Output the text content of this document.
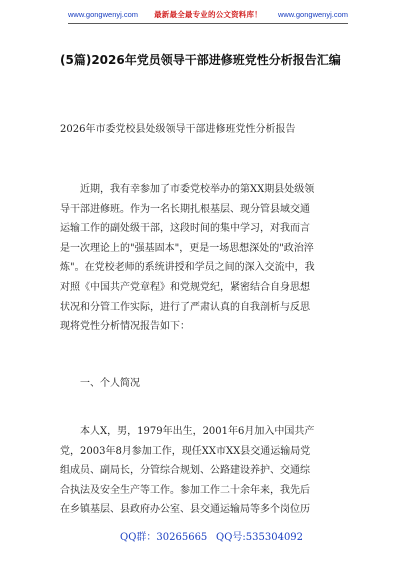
www.gongwenyj.com 最新最全最专业的公文资料库！ www.gongwenyj.com
(5篇)2026年党员领导干部进修班党性分析报告汇编

2026年市委党校县处级领导干部进修班党性分析报告

　　近期，我有幸参加了市委党校举办的第XX期县处级领
导干部进修班。作为一名长期扎根基层、现分管县域交通
运输工作的副处级干部，这段时间的集中学习，对我而言
是一次理论上的"强基固本"，更是一场思想深处的"政治淬
炼"。在党校老师的系统讲授和学员之间的深入交流中，我
对照《中国共产党章程》和党规党纪，紧密结合自身思想
状况和分管工作实际，进行了严肃认真的自我剖析与反思
现将党性分析情况报告如下：

　　一、个人简况

　　本人X，男，1979年出生，2001年6月加入中国共产
党，2003年8月参加工作，现任XX市XX县交通运输局党
组成员、副局长，分管综合规划、公路建设养护、交通综
合执法及安全生产等工作。参加工作二十余年来，我先后
在乡镇基层、县政府办公室、县交通运输局等多个岗位历

QQ群：30265665 QQ号:535304092
